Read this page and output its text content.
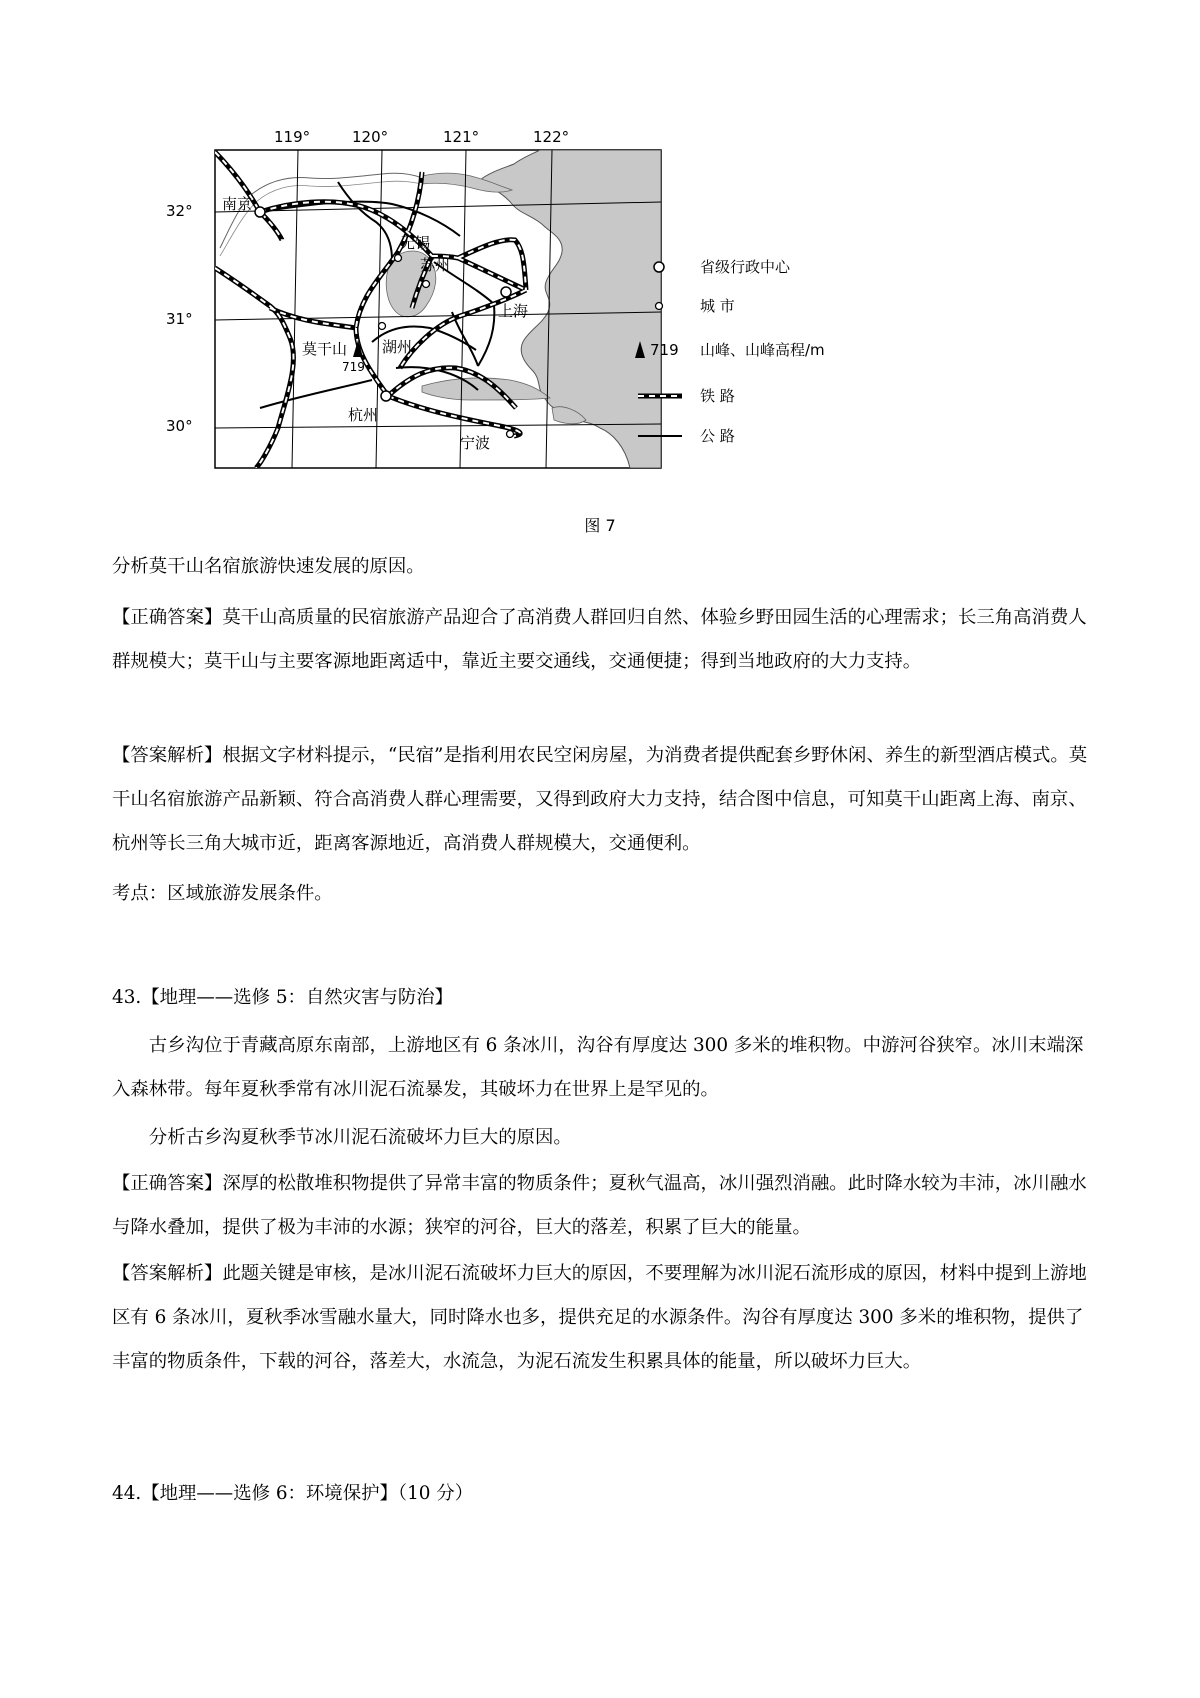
南京
无锡
苏州
上海
湖州
杭州
宁波
莫干山
719
119°	120°	121°	122°
32°
31°
30°
省级行政中心
城 市
719 山峰、山峰高程/m
铁 路
公 路
图 7

分析莫干山名宿旅游快速发展的原因。

【正确答案】莫干山高质量的民宿旅游产品迎合了高消费人群回归自然、体验乡野田园生活的心理需求；长三角高消费人群规模大；莫干山与主要客源地距离适中，靠近主要交通线，交通便捷；得到当地政府的大力支持。

【答案解析】根据文字材料提示，“民宿”是指利用农民空闲房屋，为消费者提供配套乡野休闲、养生的新型酒店模式。莫干山名宿旅游产品新颖、符合高消费人群心理需要，又得到政府大力支持，结合图中信息，可知莫干山距离上海、南京、杭州等长三角大城市近，距离客源地近，高消费人群规模大，交通便利。

考点：区域旅游发展条件。

43.【地理——选修 5：自然灾害与防治】

古乡沟位于青藏高原东南部，上游地区有 6 条冰川，沟谷有厚度达 300 多米的堆积物。中游河谷狭窄。冰川末端深入森林带。每年夏秋季常有冰川泥石流暴发，其破坏力在世界上是罕见的。

分析古乡沟夏秋季节冰川泥石流破坏力巨大的原因。

【正确答案】深厚的松散堆积物提供了异常丰富的物质条件；夏秋气温高，冰川强烈消融。此时降水较为丰沛，冰川融水与降水叠加，提供了极为丰沛的水源；狭窄的河谷，巨大的落差，积累了巨大的能量。

【答案解析】此题关键是审核，是冰川泥石流破坏力巨大的原因，不要理解为冰川泥石流形成的原因，材料中提到上游地区有 6 条冰川，夏秋季冰雪融水量大，同时降水也多，提供充足的水源条件。沟谷有厚度达 300 多米的堆积物，提供了丰富的物质条件，下载的河谷，落差大，水流急，为泥石流发生积累具体的能量，所以破坏力巨大。

44.【地理——选修 6：环境保护】（10 分）
